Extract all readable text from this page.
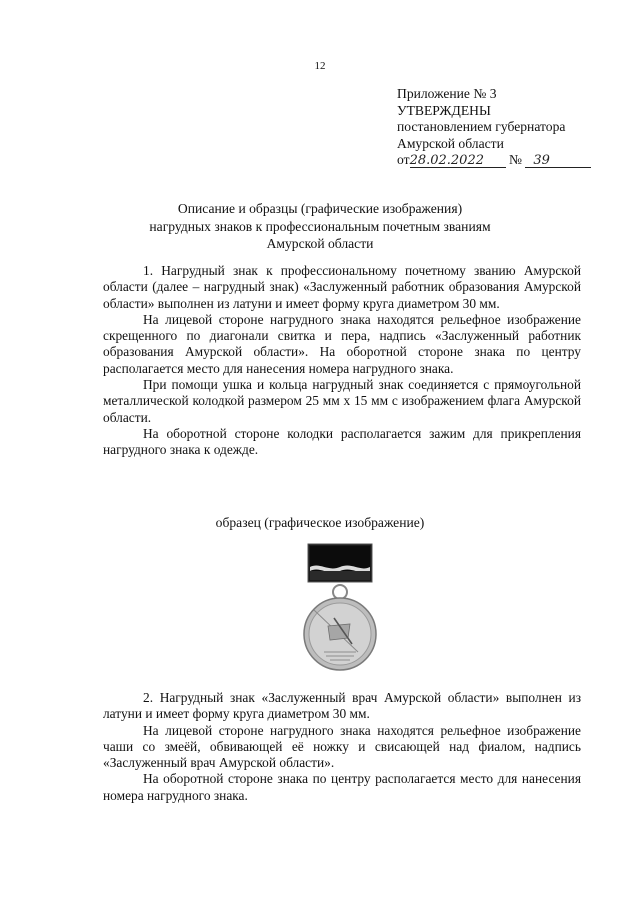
12
Приложение № 3
УТВЕРЖДЕНЫ
постановлением губернатора
Амурской области
от28.02.2022 № 39
Описание и образцы (графические изображения)
нагрудных знаков к профессиональным почетным званиям
Амурской области

1. Нагрудный знак к профессиональному почетному званию Амурской области (далее – нагрудный знак) «Заслуженный работник образования Амурской области» выполнен из латуни и имеет форму круга диаметром 30 мм.

На лицевой стороне нагрудного знака находятся рельефное изображение скрещенного по диагонали свитка и пера, надпись «Заслуженный работник образования Амурской области». На оборотной стороне знака по центру располагается место для нанесения номера нагрудного знака.

При помощи ушка и кольца нагрудный знак соединяется с прямоугольной металлической колодкой размером 25 мм x 15 мм с изображением флага Амурской области.

На оборотной стороне колодки располагается зажим для прикрепления нагрудного знака к одежде.

образец (графическое изображение)

2. Нагрудный знак «Заслуженный врач Амурской области» выполнен из латуни и имеет форму круга диаметром 30 мм.

На лицевой стороне нагрудного знака находятся рельефное изображение чаши со змеёй, обвивающей её ножку и свисающей над фиалом, надпись «Заслуженный врач Амурской области».

На оборотной стороне знака по центру располагается место для нанесения номера нагрудного знака.
